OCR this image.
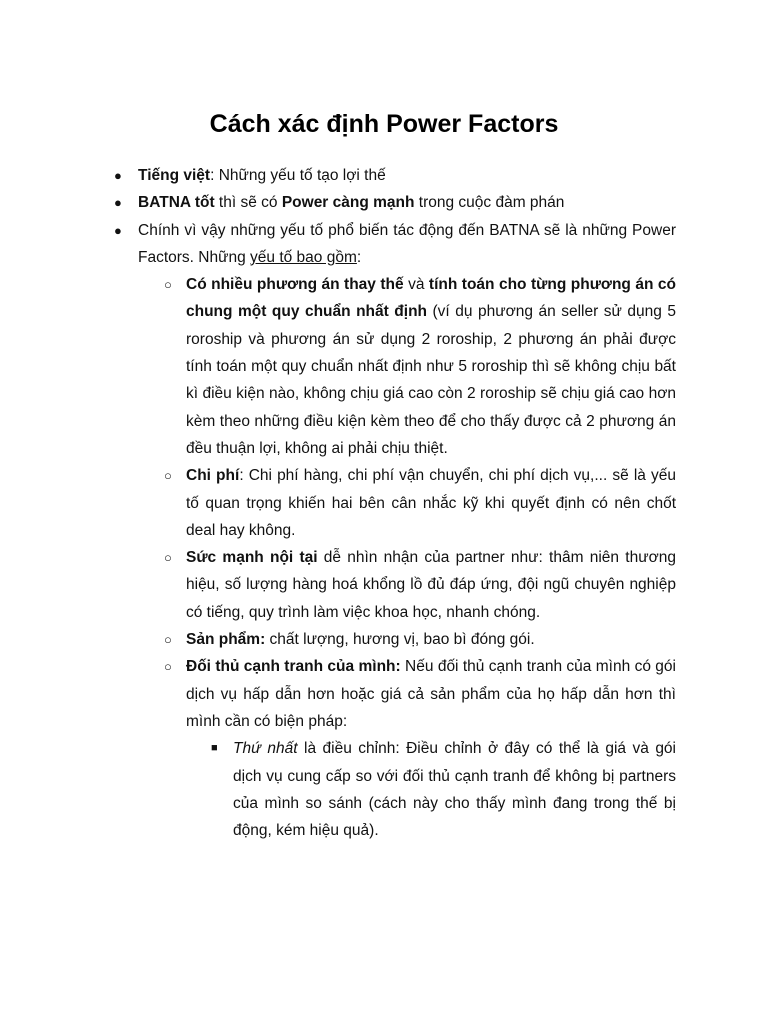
Cách xác định Power Factors
● Tiếng việt: Những yếu tố tạo lợi thế
● BATNA tốt thì sẽ có Power càng mạnh trong cuộc đàm phán
● Chính vì vậy những yếu tố phổ biến tác động đến BATNA sẽ là những Power Factors. Những yếu tố bao gồm:
○ Có nhiều phương án thay thế và tính toán cho từng phương án có chung một quy chuẩn nhất định (ví dụ phương án seller sử dụng 5 roroship và phương án sử dụng 2 roroship, 2 phương án phải được tính toán một quy chuẩn nhất định như 5 roroship thì sẽ không chịu bất kì điều kiện nào, không chịu giá cao còn 2 roroship sẽ chịu giá cao hơn kèm theo những điều kiện kèm theo để cho thấy được cả 2 phương án đều thuận lợi, không ai phải chịu thiệt.
○ Chi phí: Chi phí hàng, chi phí vận chuyển, chi phí dịch vụ,... sẽ là yếu tố quan trọng khiến hai bên cân nhắc kỹ khi quyết định có nên chốt deal hay không.
○ Sức mạnh nội tại dễ nhìn nhận của partner như: thâm niên thương hiệu, số lượng hàng hoá khổng lồ đủ đáp ứng, đội ngũ chuyên nghiệp có tiếng, quy trình làm việc khoa học, nhanh chóng.
○ Sản phẩm: chất lượng, hương vị, bao bì đóng gói.
○ Đối thủ cạnh tranh của mình: Nếu đối thủ cạnh tranh của mình có gói dịch vụ hấp dẫn hơn hoặc giá cả sản phẩm của họ hấp dẫn hơn thì mình cần có biện pháp:
■ Thứ nhất là điều chỉnh: Điều chỉnh ở đây có thể là giá và gói dịch vụ cung cấp so với đối thủ cạnh tranh để không bị partners của mình so sánh (cách này cho thấy mình đang trong thế bị động, kém hiệu quả).
